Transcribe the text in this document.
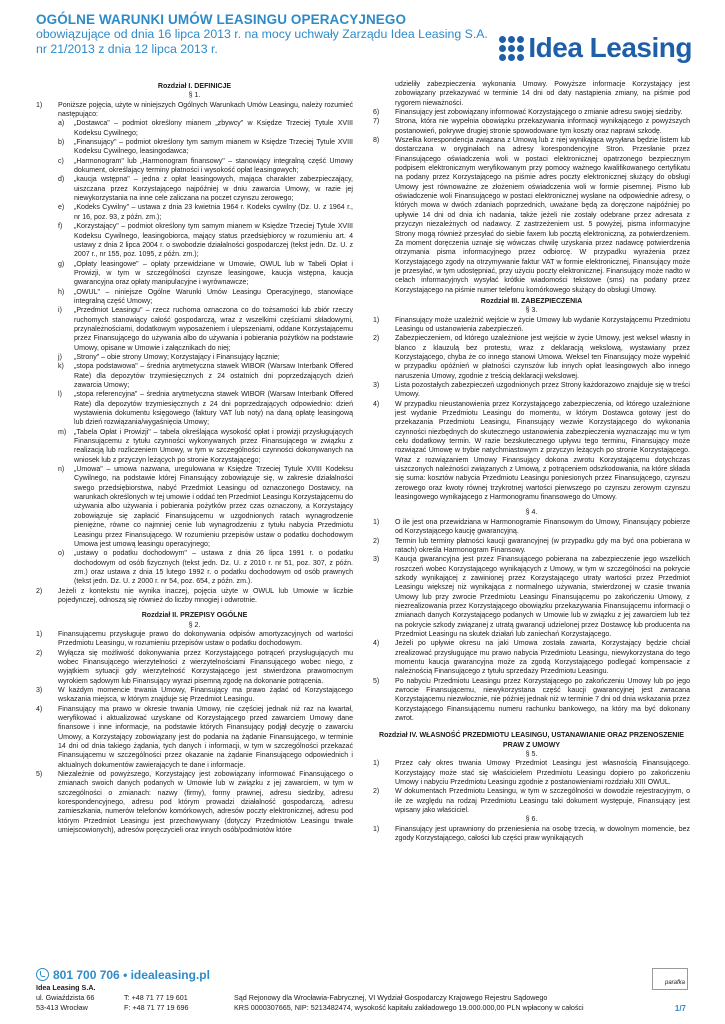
OGÓLNE WARUNKI UMÓW LEASINGU OPERACYJNEGO
obowiązujące od dnia 16 lipca 2013 r. na mocy uchwały Zarządu Idea Leasing S.A.
nr 21/2013 z dnia 12 lipca 2013 r.	Idea Leasing
Rozdział I. DEFINICJE
§ 1.
1)	Poniższe pojęcia, użyte w niniejszych Ogólnych Warunkach Umów Leasingu, należy rozumieć następująco:
a)	„Dostawca" – podmiot określony mianem „zbywcy" w Księdze Trzeciej Tytule XVIII Kodeksu Cywilnego;
b)	„Finansujący" – podmiot określony tym samym mianem w Księdze Trzeciej Tytule XVIII Kodeksu Cywilnego, leasingodawca;
c)	„Harmonogram" lub „Harmonogram finansowy" – stanowiący integralną część Umowy dokument, określający terminy płatności i wysokość opłat leasingowych;
d)	„kaucja wstępna" – jedna z opłat leasingowych, mająca charakter zabezpieczający, uiszczana przez Korzystającego najpóźniej w dniu zawarcia Umowy, w razie jej niewykorzystania na inne cele zaliczana na poczet czynszu zerowego;
e)	„Kodeks Cywilny" – ustawa z dnia 23 kwietnia 1964 r. Kodeks cywilny (Dz. U. z 1964 r., nr 16, poz. 93, z późn. zm.);
f)	„Korzystający" – podmiot określony tym samym mianem w Księdze Trzeciej Tytule XVIII Kodeksu Cywilnego, leasingobiorca, mający status przedsiębiorcy w rozumieniu art. 4 ustawy z dnia 2 lipca 2004 r. o swobodzie działalności gospodarczej (tekst jedn. Dz. U. z 2007 r., nr 155, poz. 1095, z późn. zm.);
g)	„Opłaty leasingowe" – opłaty przewidziane w Umowie, OWUL lub w Tabeli Opłat i Prowizji, w tym w szczególności czynsze leasingowe, kaucja wstępna, kaucja gwarancyjna oraz opłaty manipulacyjne i wyrównawcze;
h)	„OWUL" – niniejsze Ogólne Warunki Umów Leasingu Operacyjnego, stanowiące integralną część Umowy;
i)	„Przedmiot Leasingu" – rzecz ruchoma oznaczona co do tożsamości lub zbiór rzeczy ruchomych stanowiący całość gospodarczą, wraz z wszelkimi częściami składowymi, przynależnościami, dodatkowym wyposażeniem i ulepszeniami, oddane Korzystającemu przez Finansującego do używania albo do używania i pobierania pożytków na podstawie Umowy, opisane w Umowie i załącznikach do niej;
j)	„Strony" – obie strony Umowy; Korzystający i Finansujący łącznie;
k)	„stopa podstawowa" – średnia arytmetyczna stawek WIBOR (Warsaw Interbank Offered Rate) dla depozytów trzymiesięcznych z 24 ostatnich dni poprzedzających dzień zawarcia Umowy;
l)	„stopa referencyjna" – średnia arytmetyczna stawek WIBOR (Warsaw Interbank Offered Rate) dla depozytów trzymiesięcznych z 24 dni poprzedzających odpowiednio: dzień wystawienia dokumentu księgowego (faktury VAT lub noty) na daną opłatę leasingową lub dzień rozwiązania/wygaśnięcia Umowy;
m)	„Tabela Opłat i Prowizji" – tabela określająca wysokość opłat i prowizji przysługujących Finansującemu z tytułu czynności wykonywanych przez Finansującego w związku z realizacją lub rozliczeniem Umowy, w tym w szczególności czynności dokonywanych na wniosek lub z przyczyn leżących po stronie Korzystającego;
n)	„Umowa" – umowa nazwana, uregulowana w Księdze Trzeciej Tytule XVIII Kodeksu Cywilnego, na podstawie której Finansujący zobowiązuje się, w zakresie działalności swego przedsiębiorstwa, nabyć Przedmiot Leasingu od oznaczonego Dostawcy, na warunkach określonych w tej umowie i oddać ten Przedmiot Leasingu Korzystającemu do używania albo używania i pobierania pożytków przez czas oznaczony, a Korzystający zobowiązuje się zapłacić Finansującemu w uzgodnionych ratach wynagrodzenie pieniężne, równe co najmniej cenie lub wynagrodzeniu z tytułu nabycia Przedmiotu Leasingu przez Finansującego. W rozumieniu przepisów ustaw o podatku dochodowym Umowa jest umową leasingu operacyjnego;
o)	„ustawy o podatku dochodowym" – ustawa z dnia 26 lipca 1991 r. o podatku dochodowym od osób fizycznych (tekst jedn. Dz. U. z 2010 r. nr 51, poz. 307, z późn. zm.) oraz ustawa z dnia 15 lutego 1992 r. o podatku dochodowym od osób prawnych (tekst jedn. Dz. U. z 2000 r. nr 54, poz. 654, z późn. zm.).
2)	Jeżeli z kontekstu nie wynika inaczej, pojęcia użyte w OWUL lub Umowie w liczbie pojedynczej, odnoszą się również do liczby mnogiej i odwrotnie.
Rozdział II. PRZEPISY OGÓLNE
§ 2.
1)	Finansującemu przysługuje prawo do dokonywania odpisów amortyzacyjnych od wartości Przedmiotu Leasingu, w rozumieniu przepisów ustaw o podatku dochodowym.
2)	Wyłącza się możliwość dokonywania przez Korzystającego potrąceń przysługujących mu wobec Finansującego wierzytelności z wierzytelnościami Finansującego wobec niego, z wyjątkiem sytuacji gdy wierzytelność Korzystającego jest stwierdzona prawomocnym wyrokiem sądowym lub Finansujący wyrazi pisemną zgodę na dokonanie potrącenia.
3)	W każdym momencie trwania Umowy, Finansujący ma prawo żądać od Korzystającego wskazania miejsca, w którym znajduje się Przedmiot Leasingu.
4)	Finansujący ma prawo w okresie trwania Umowy, nie częściej jednak niż raz na kwartał, weryfikować i aktualizować uzyskane od Korzystającego przed zawarciem Umowy dane finansowe i inne informacje, na podstawie których Finansujący podjął decyzję o zawarciu Umowy, a Korzystający zobowiązany jest do podania na żądanie Finansującego, w terminie 14 dni od dnia takiego żądania, tych danych i informacji, w tym w szczególności przekazać Finansującemu w szczególności przez okazanie na żądanie Finansującego odpowiednich i aktualnych dokumentów zawierających te dane i informacje.
5)	Niezależnie od powyższego, Korzystający jest zobowiązany informować Finansującego o zmianach swoich danych podanych w Umowie lub w związku z jej zawarciem, w tym w szczególności o zmianach: nazwy (firmy), formy prawnej, adresu siedziby, adresu korespondencyjnego, adresu pod którym prowadzi działalność gospodarczą, adresu zamieszkania, numerów telefonów komórkowych, adresów poczty elektronicznej, adresu pod którym Przedmiot Leasingu jest przechowywany (dotyczy Przedmiotów Leasingu trwale umiejscowionych), adresów poręczycieli oraz innych osób/podmiotów które
udzieliły zabezpieczenia wykonania Umowy. Powyższe informacje Korzystający jest zobowiązany przekazywać w terminie 14 dni od daty nastąpienia zmiany, na piśmie pod rygorem nieważności.
6)	Finansujący jest zobowiązany informować Korzystającego o zmianie adresu swojej siedziby.
7)	Strona, która nie wypełnia obowiązku przekazywania informacji wynikającego z powyższych postanowień, pokrywe drugiej stronie spowodowane tym koszty oraz naprawi szkodę.
8)	Wszelka korespondencja związana z Umową lub z niej wynikająca wysyłana będzie listem lub dostarczana w oryginałach na adresy korespondencyjne Stron. Przesłanie przez Finansującego oświadczenia woli w postaci elektronicznej opatrzonego bezpiecznym podpisem elektronicznym weryfikowanym przy pomocy ważnego kwalifikowanego certyfikatu na podany przez Korzystającego na piśmie adres poczty elektronicznej służący do obsługi Umowy jest równoważne ze złożeniem oświadczenia woli w formie pisemnej. Pismo lub oświadczenie woli Finansującego w postaci elektronicznej wysłane na odpowiednie adresy, o których mowa w dwóch zdaniach poprzednich, uważane będą za doręczone najpóźniej po upływie 14 dni od dnia ich nadania, także jeżeli nie zostały odebrane przez adresata z przyczyn niezależnych od nadawcy. Z zastrzeżeniem ust. 5 powyżej, pisma informacyjne Strony mogą również przesyłać do siebie faxem lub pocztą elektroniczną, za potwierdzeniem. Za moment doręczenia uznaje się wówczas chwilę uzyskania przez nadawcę potwierdzenia otrzymania pisma informacyjnego przez odbiorcę. W przypadku wyrażenia przez Korzystającego zgody na otrzymywanie faktur VAT w formie elektronicznej, Finansujący może je przesyłać, w tym udostępniać, przy użyciu poczty elektronicznej. Finansujący może nadto w celach informacyjnych wysyłać krótkie wiadomości tekstowe (sms) na podany przez Korzystającego na piśmie numer telefonu komórkowego służący do obsługi Umowy.
Rozdział III. ZABEZPIECZENIA
§ 3.
1)	Finansujący może uzależnić wejście w życie Umowy lub wydanie Korzystającemu Przedmiotu Leasingu od ustanowienia zabezpieczeń.
2)	Zabezpieczeniem, od którego uzależnione jest wejście w życie Umowy, jest weksel własny in blanco z klauzulą bez protestu, wraz z deklaracją wekslową, wystawiany przez Korzystającego, chyba że co innego stanowi Umowa. Weksel ten Finansujący może wypełnić w przypadku opóźnień w płatności czynszów lub innych opłat leasingowych albo innego naruszenia Umowy, zgodnie z treścią deklaracji wekslowej.
3)	Lista pozostałych zabezpieczeń uzgodnionych przez Strony każdorazowo znajduje się w treści Umowy.
4)	W przypadku nieustanowienia przez Korzystającego zabezpieczenia, od którego uzależnione jest wydanie Przedmiotu Leasingu do momentu, w którym Dostawca gotowy jest do przekazania Przedmiotu Leasingu, Finansujący wezwie Korzystającego do wykonania czynności niezbędnych do skutecznego ustanowienia zabezpieczenia wyznaczając mu w tym celu dodatkowy termin. W razie bezskutecznego upływu tego terminu, Finansujący może rozwiązać Umowę w trybie natychmiastowym z przyczyn leżących po stronie Korzystającego. Wraz z rozwiązaniem Umowy Finansujący dokona zwrotu Korzystającemu dotychczas uiszczonych należności związanych z Umową, z potrąceniem odszkodowania, na które składa się suma: kosztów nabycia Przedmiotu Leasingu poniesionych przez Finansującego, czynszu zerowego oraz kwoty równej trzykrotnej wartości pierwszego po czynszu zerowym czynszu leasingowego wynikającego z Harmonogramu finansowego do Umowy.
§ 4.
1)	O ile jest ona przewidziana w Harmonogramie Finansowym do Umowy, Finansujący pobierze od Korzystającego kaucję gwarancyjną.
2)	Termin lub terminy płatności kaucji gwarancyjnej (w przypadku gdy ma być ona pobierana w ratach) określa Harmonogram Finansowy.
3)	Kaucja gwarancyjna jest przez Finansującego pobierana na zabezpieczenie jego wszelkich roszczeń wobec Korzystającego wynikających z Umowy, w tym w szczególności na pokrycie szkody wynikającej z zawinionej przez Korzystającego utraty wartości przez Przedmiot Leasingu większej niż wynikająca z normalnego używania, stwierdzonej w czasie trwania Umowy lub przy zwrocie Przedmiotu Leasingu Finansującemu po zakończeniu Umowy, z niezrealizowania przez Korzystającego obowiązku przekazywania Finansującemu informacji o zmianach danych Korzystającego podanych w Umowie lub w związku z jej zawarciem lub też na pokrycie szkody związanej z utratą gwarancji udzielonej przez Dostawcę lub producenta na Przedmiot Leasingu na skutek działań lub zaniechań Korzystającego.
4)	Jeżeli po upływie okresu na jaki Umowa została zawarta, Korzystający będzie chciał zrealizować przysługujące mu prawo nabycia Przedmiotu Leasingu, niewykorzystana do tego momentu kaucja gwarancyjna może za zgodą Korzystającego podlegać kompensacie z należnością Finansującego z tytułu sprzedaży Przedmiotu Leasingu.
5)	Po nabyciu Przedmiotu Leasingu przez Korzystającego po zakończeniu Umowy lub po jego zwrocie Finansującemu, niewykorzystana część kaucji gwarancyjnej jest zwracana Korzystającemu niezwłocznie, nie później jednak niż w terminie 7 dni od dnia wskazania przez Korzystającego Finansującemu numeru rachunku bankowego, na który ma być dokonany zwrot.
Rozdział IV. WŁASNOŚĆ PRZEDMIOTU LEASINGU, USTANAWIANIE ORAZ PRZENOSZENIE PRAW Z UMOWY
§ 5.
1)	Przez cały okres trwania Umowy Przedmiot Leasingu jest własnością Finansującego. Korzystający może stać się właścicielem Przedmiotu Leasingu dopiero po zakończeniu Umowy i nabyciu Przedmiotu Leasingu zgodnie z postanowieniami rozdziału XIII OWUL.
2)	W dokumentach Przedmiotu Leasingu, w tym w szczególności w dowodzie rejestracyjnym, o ile ze względu na rodzaj Przedmiotu Leasingu taki dokument występuje, Finansujący jest wpisany jako właściciel.
§ 6.
1)	Finansujący jest uprawniony do przeniesienia na osobę trzecią, w dowolnym momencie, bez zgody Korzystającego, całości lub części praw wynikających
801 700 706 • idealeasing.pl
Idea Leasing S.A.
ul. Gwiaździsta 66
53-413 Wrocław

T: +48 71 77 19 601
F: +48 71 77 19 696

Sąd Rejonowy dla Wrocławia-Fabrycznej, VI Wydział Gospodarczy Krajowego Rejestru Sądowego
KRS 0000307665, NIP: 5213482474, wysokość kapitału zakładowego 19.000.000,00 PLN wpłacony w całości
parafka
1/7
